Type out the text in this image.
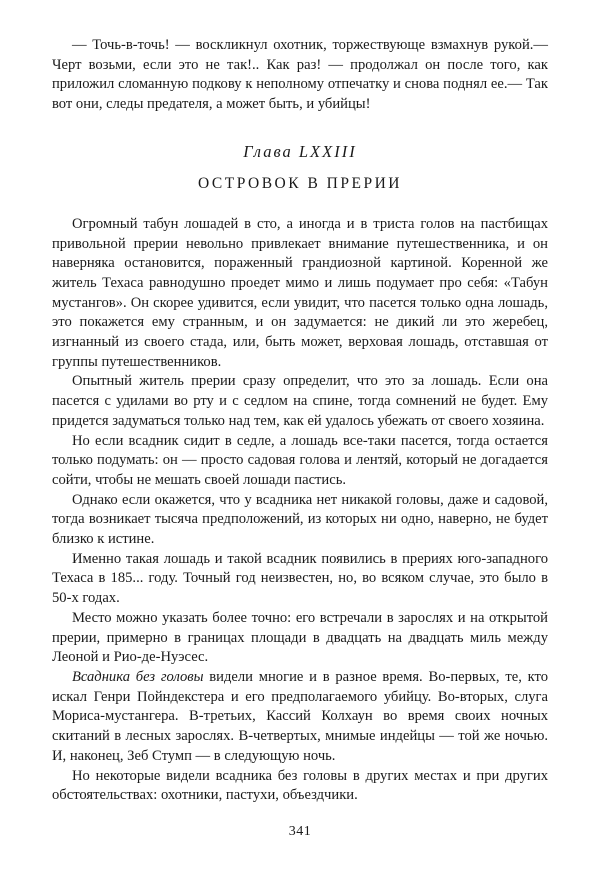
— Точь-в-точь! — воскликнул охотник, торжествующе взмахнув рукой.— Черт возьми, если это не так!.. Как раз! — продолжал он после того, как приложил сломанную подкову к неполному отпечатку и снова поднял ее.— Так вот они, следы предателя, а может быть, и убийцы!

Глава LXXIII

ОСТРОВОК В ПРЕРИИ

Огромный табун лошадей в сто, а иногда и в триста голов на пастбищах привольной прерии невольно привлекает внимание путешественника, и он наверняка остановится, пораженный грандиозной картиной. Коренной же житель Техаса равнодушно проедет мимо и лишь подумает про себя: «Табун мустангов». Он скорее удивится, если увидит, что пасется только одна лошадь, это покажется ему странным, и он задумается: не дикий ли это жеребец, изгнанный из своего стада, или, быть может, верховая лошадь, отставшая от группы путешественников.

Опытный житель прерии сразу определит, что это за лошадь. Если она пасется с удилами во рту и с седлом на спине, тогда сомнений не будет. Ему придется задуматься только над тем, как ей удалось убежать от своего хозяина.

Но если всадник сидит в седле, а лошадь все-таки пасется, тогда остается только подумать: он — просто садовая голова и лентяй, который не догадается сойти, чтобы не мешать своей лошади пастись.

Однако если окажется, что у всадника нет никакой головы, даже и садовой, тогда возникает тысяча предположений, из которых ни одно, наверно, не будет близко к истине.

Именно такая лошадь и такой всадник появились в прериях юго-западного Техаса в 185... году. Точный год неизвестен, но, во всяком случае, это было в 50-х годах.

Место можно указать более точно: его встречали в зарослях и на открытой прерии, примерно в границах площади в двадцать на двадцать миль между Леоной и Рио-де-Нуэсес.

Всадника без головы видели многие и в разное время. Во-первых, те, кто искал Генри Пойндекстера и его предполагаемого убийцу. Во-вторых, слуга Мориса-мустангера. В-третьих, Кассий Колхаун во время своих ночных скитаний в лесных зарослях. В-четвертых, мнимые индейцы — той же ночью. И, наконец, Зеб Стумп — в следующую ночь.

Но некоторые видели всадника без головы в других местах и при других обстоятельствах: охотники, пастухи, объездчики.

341
